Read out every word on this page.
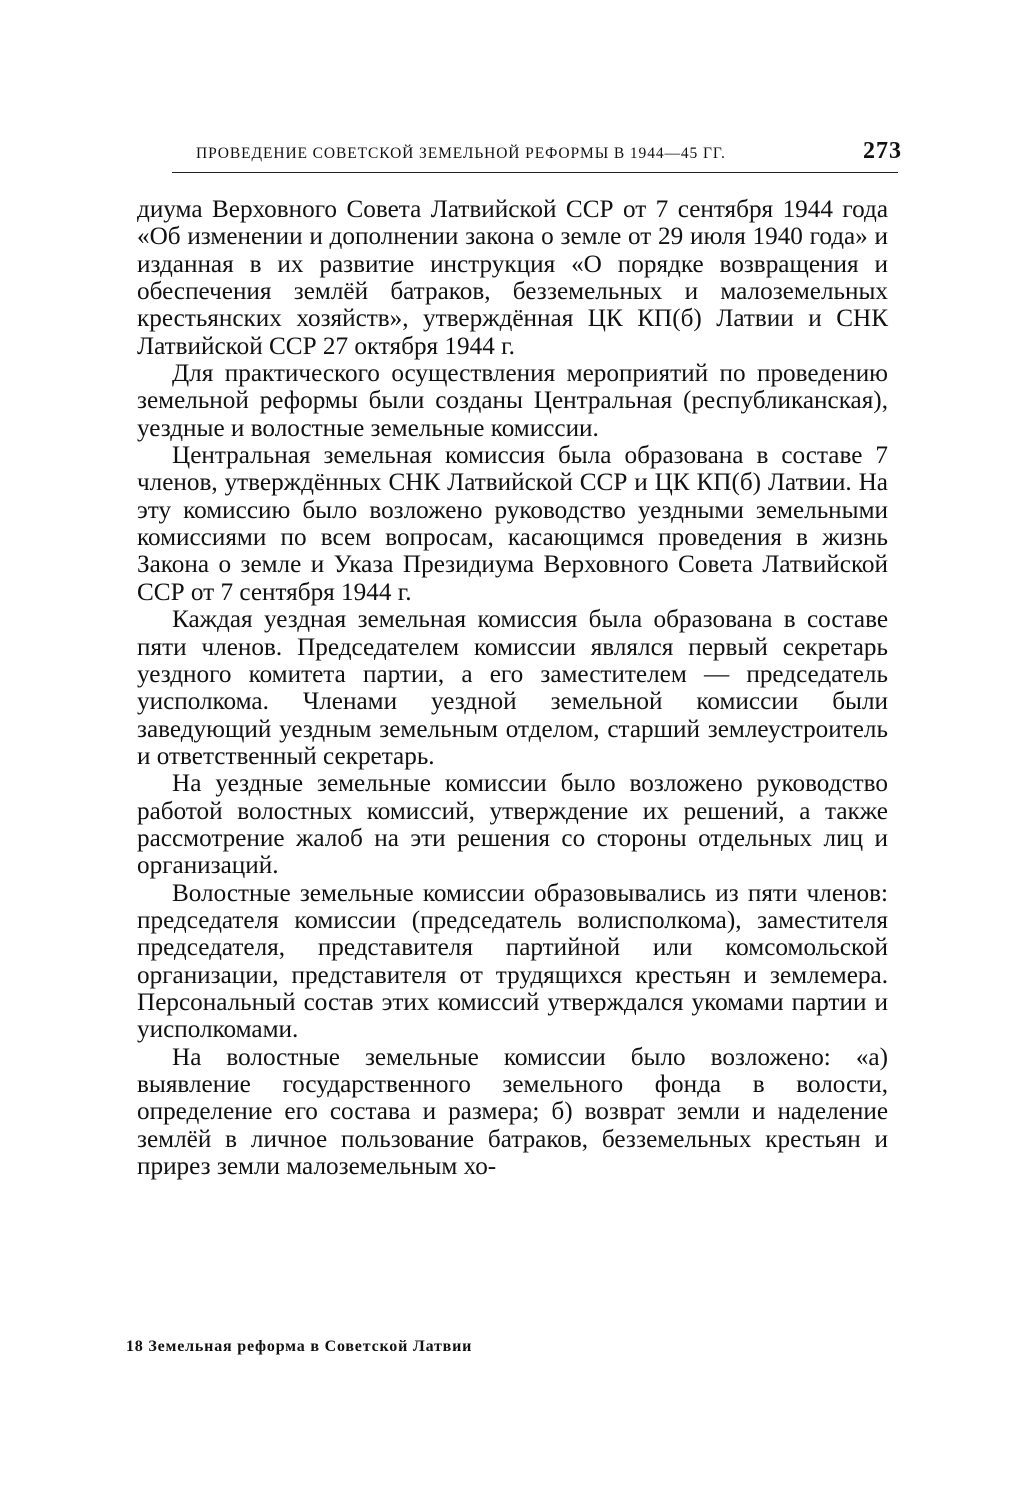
ПРОВЕДЕНИЕ СОВЕТСКОЙ ЗЕМЕЛЬНОЙ РЕФОРМЫ В 1944—45 ГГ.	273

диума Верховного Совета Латвийской ССР от 7 сентября 1944 года «Об изменении и дополнении закона о земле от 29 июля 1940 года» и изданная в их развитие инструкция «О порядке возвращения и обеспечения землёй батраков, безземельных и малоземельных крестьянских хозяйств», утверждённая ЦК КП(б) Латвии и СНК Латвийской ССР 27 октября 1944 г.

Для практического осуществления мероприятий по проведению земельной реформы были созданы Центральная (республиканская), уездные и волостные земельные комиссии.

Центральная земельная комиссия была образована в составе 7 членов, утверждённых СНК Латвийской ССР и ЦК КП(б) Латвии. На эту комиссию было возложено руководство уездными земельными комиссиями по всем вопросам, касающимся проведения в жизнь Закона о земле и Указа Президиума Верховного Совета Латвийской ССР от 7 сентября 1944 г.

Каждая уездная земельная комиссия была образована в составе пяти членов. Председателем комиссии являлся первый секретарь уездного комитета партии, а его заместителем — председатель уисполкома. Членами уездной земельной комиссии были заведующий уездным земельным отделом, старший землеустроитель и ответственный секретарь.

На уездные земельные комиссии было возложено руководство работой волостных комиссий, утверждение их решений, а также рассмотрение жалоб на эти решения со стороны отдельных лиц и организаций.

Волостные земельные комиссии образовывались из пяти членов: председателя комиссии (председатель волисполкома), заместителя председателя, представителя партийной или комсомольской организации, представителя от трудящихся крестьян и землемера. Персональный состав этих комиссий утверждался укомами партии и уисполкомами.

На волостные земельные комиссии было возложено: «а) выявление государственного земельного фонда в волости, определение его состава и размера; б) возврат земли и наделение землёй в личное пользование батраков, безземельных крестьян и прирез земли малоземельным хо-

18 Земельная реформа в Советской Латвии
